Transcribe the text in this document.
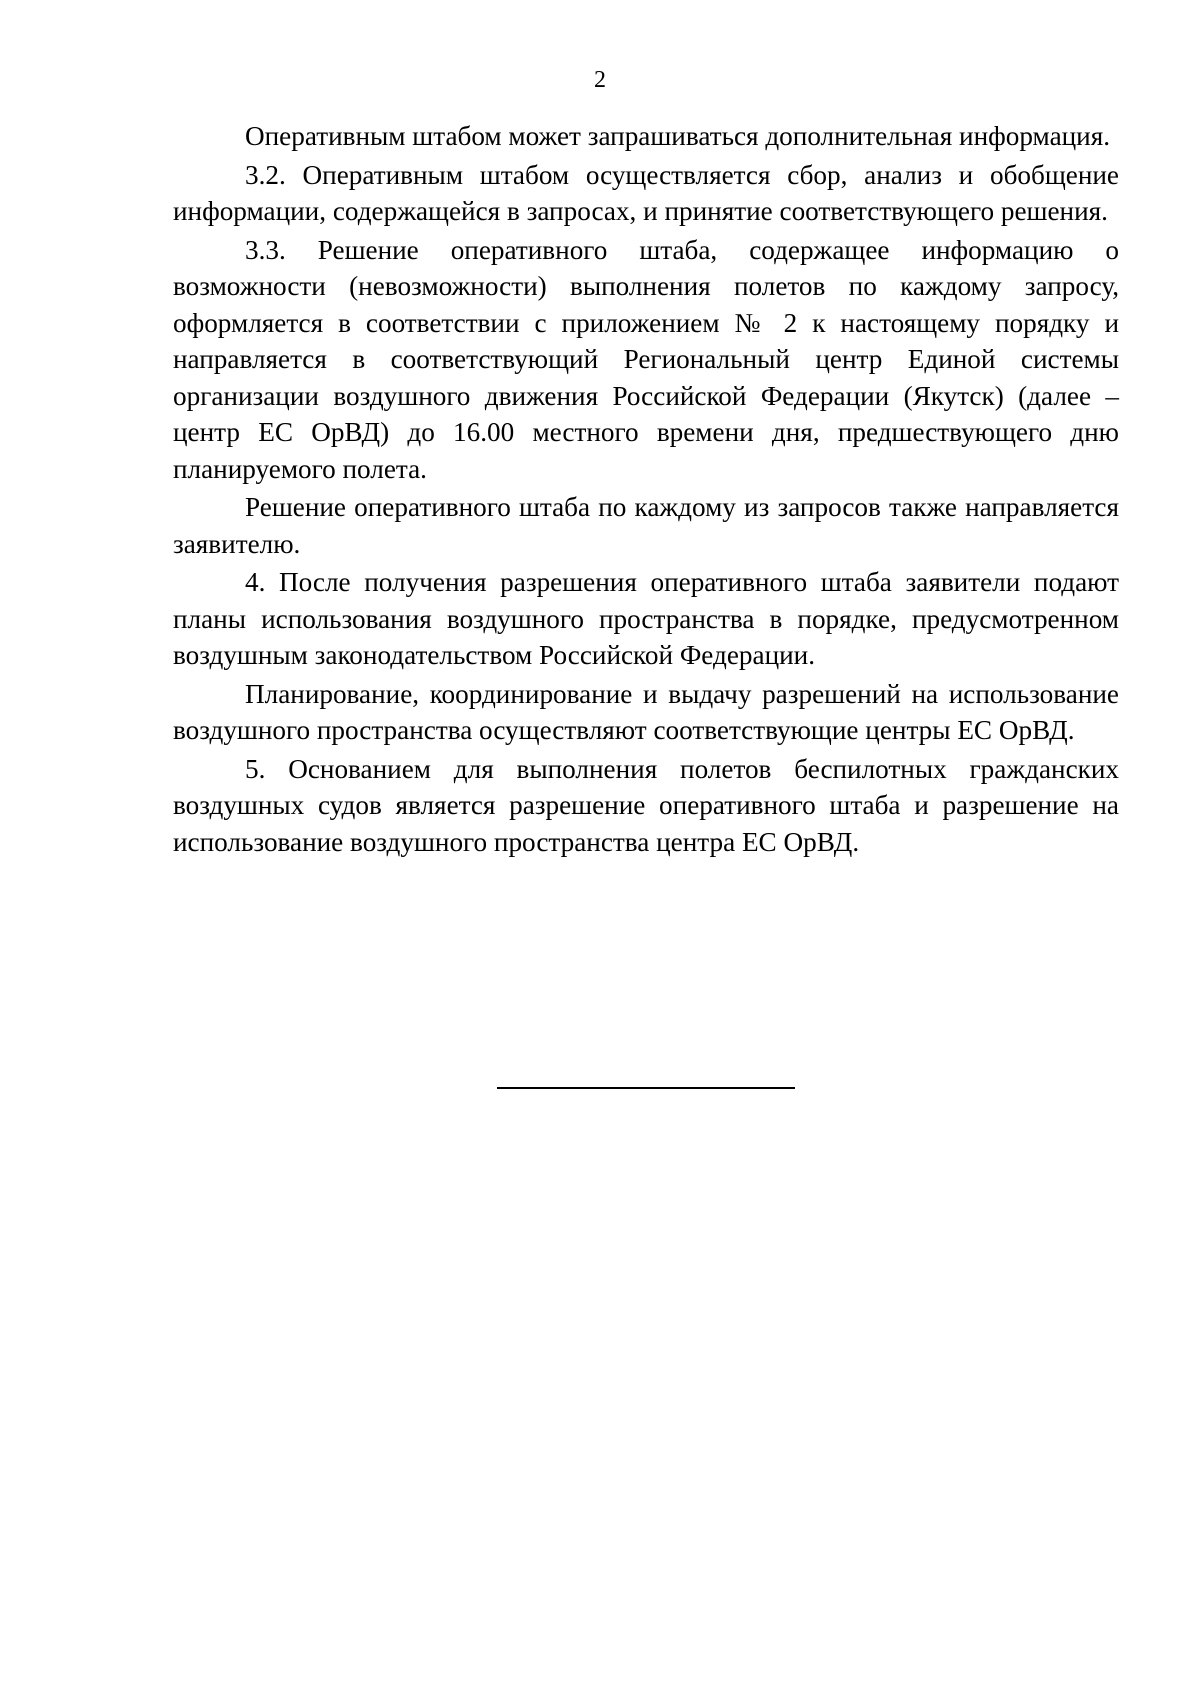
2

Оперативным штабом может запрашиваться дополнительная информация.

3.2. Оперативным штабом осуществляется сбор, анализ и обобщение информации, содержащейся в запросах, и принятие соответствующего решения.

3.3. Решение оперативного штаба, содержащее информацию о возможности (невозможности) выполнения полетов по каждому запросу, оформляется в соответствии с приложением № 2 к настоящему порядку и направляется в соответствующий Региональный центр Единой системы организации воздушного движения Российской Федерации (Якутск) (далее – центр ЕС ОрВД) до 16.00 местного времени дня, предшествующего дню планируемого полета.

Решение оперативного штаба по каждому из запросов также направляется заявителю.

4. После получения разрешения оперативного штаба заявители подают планы использования воздушного пространства в порядке, предусмотренном воздушным законодательством Российской Федерации.

Планирование, координирование и выдачу разрешений на использование воздушного пространства осуществляют соответствующие центры ЕС ОрВД.

5. Основанием для выполнения полетов беспилотных гражданских воздушных судов является разрешение оперативного штаба и разрешение на использование воздушного пространства центра ЕС ОрВД.
